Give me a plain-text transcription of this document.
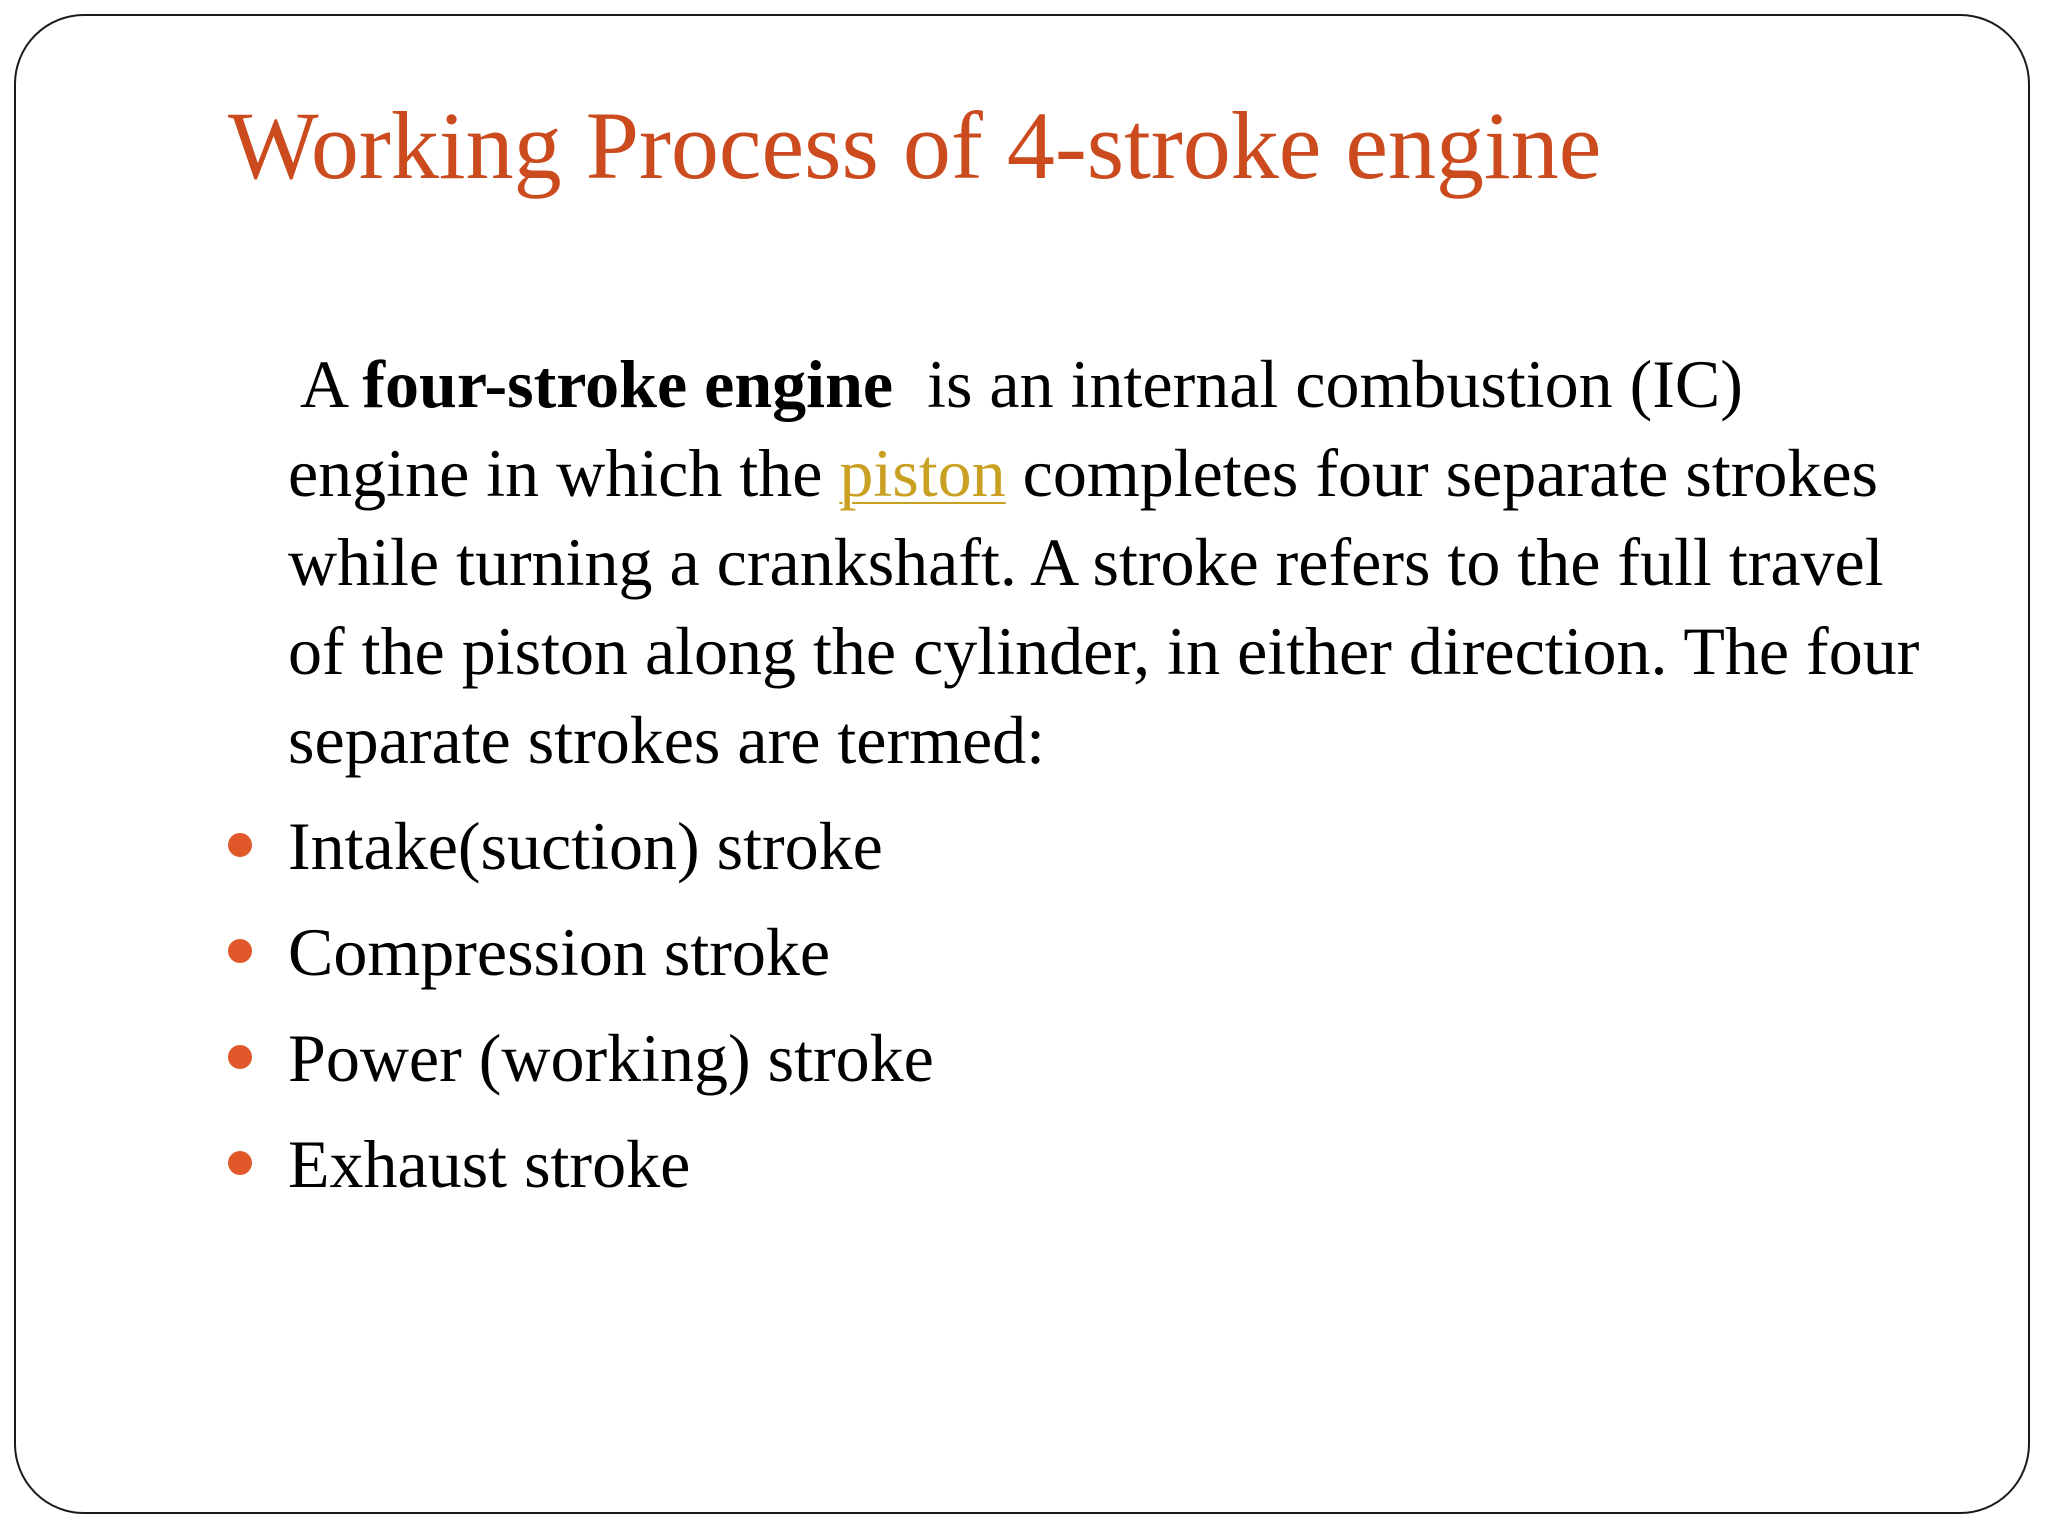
Working Process of 4-stroke engine

A four-stroke engine  is an internal combustion (IC) engine in which the piston completes four separate strokes while turning a crankshaft. A stroke refers to the full travel of the piston along the cylinder, in either direction. The four separate strokes are termed:

Intake(suction) stroke
Compression stroke
Power (working) stroke
Exhaust stroke
